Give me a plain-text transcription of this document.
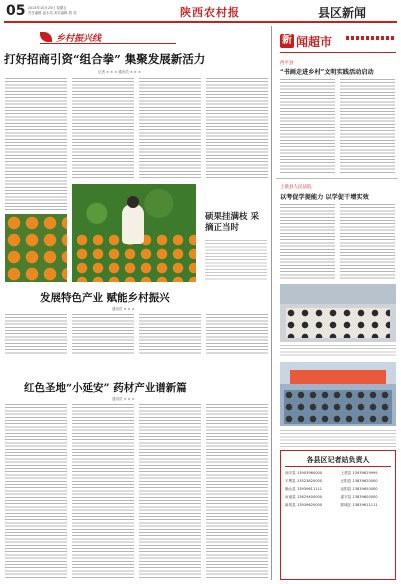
05 2024年10月25日 星期五
责任编辑 崔永苗 美术编辑 胡 成	陕西农村报	县区新闻
乡村振兴线
打好招商引资“组合拳” 集聚发展新活力
记者 × × × 通讯员 × × ×
硕果挂满枝 采摘正当时
发展特色产业 赋能乡村振兴
通讯员 × × ×
红色圣地“小延安” 药材产业谱新篇
通讯员 × × ×
新 闻超市
西平县
“书画走进乡村”文明实践活动启动
上蔡县人民法院
以考促学提能力 以学促干增实效
各县区记者站负责人
西平县 13903960000	上蔡县 13939619999
平舆县 13523820000	正阳县 13839620000
确山县 13939611111	泌阳县 13839650000
汝南县 13629400000	遂平县 13839600000
新蔡县 13939620000	驿城区 13839611111
